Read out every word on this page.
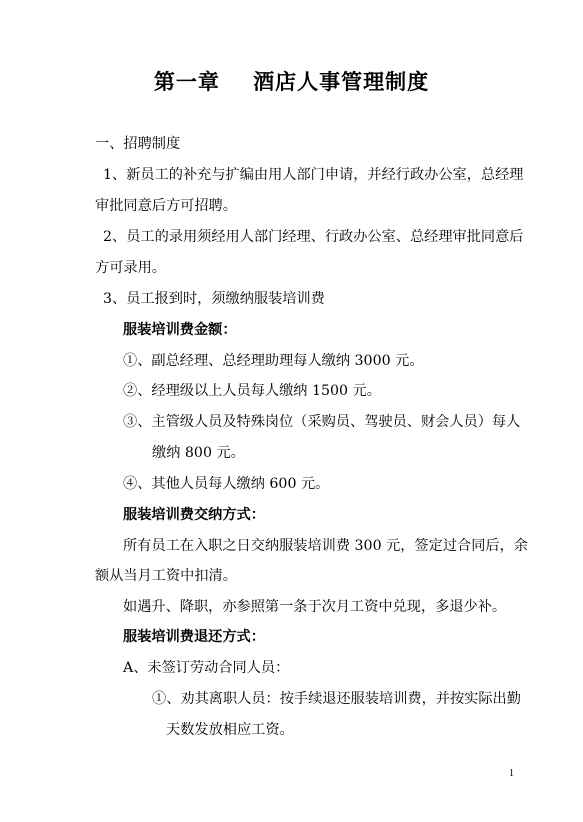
第一章    酒店人事管理制度
一、招聘制度
1、新员工的补充与扩编由用人部门申请，并经行政办公室，总经理
审批同意后方可招聘。
2、员工的录用须经用人部门经理、行政办公室、总经理审批同意后
方可录用。
3、员工报到时，须缴纳服装培训费
服装培训费金额：
①、副总经理、总经理助理每人缴纳 3000 元。
②、经理级以上人员每人缴纳 1500 元。
③、主管级人员及特殊岗位（采购员、驾驶员、财会人员）每人
缴纳 800 元。
④、其他人员每人缴纳 600 元。
服装培训费交纳方式：
所有员工在入职之日交纳服装培训费 300 元，签定过合同后，余
额从当月工资中扣清。
如遇升、降职，亦参照第一条于次月工资中兑现，多退少补。
服装培训费退还方式：
A、未签订劳动合同人员：
①、劝其离职人员：按手续退还服装培训费，并按实际出勤
天数发放相应工资。
1
